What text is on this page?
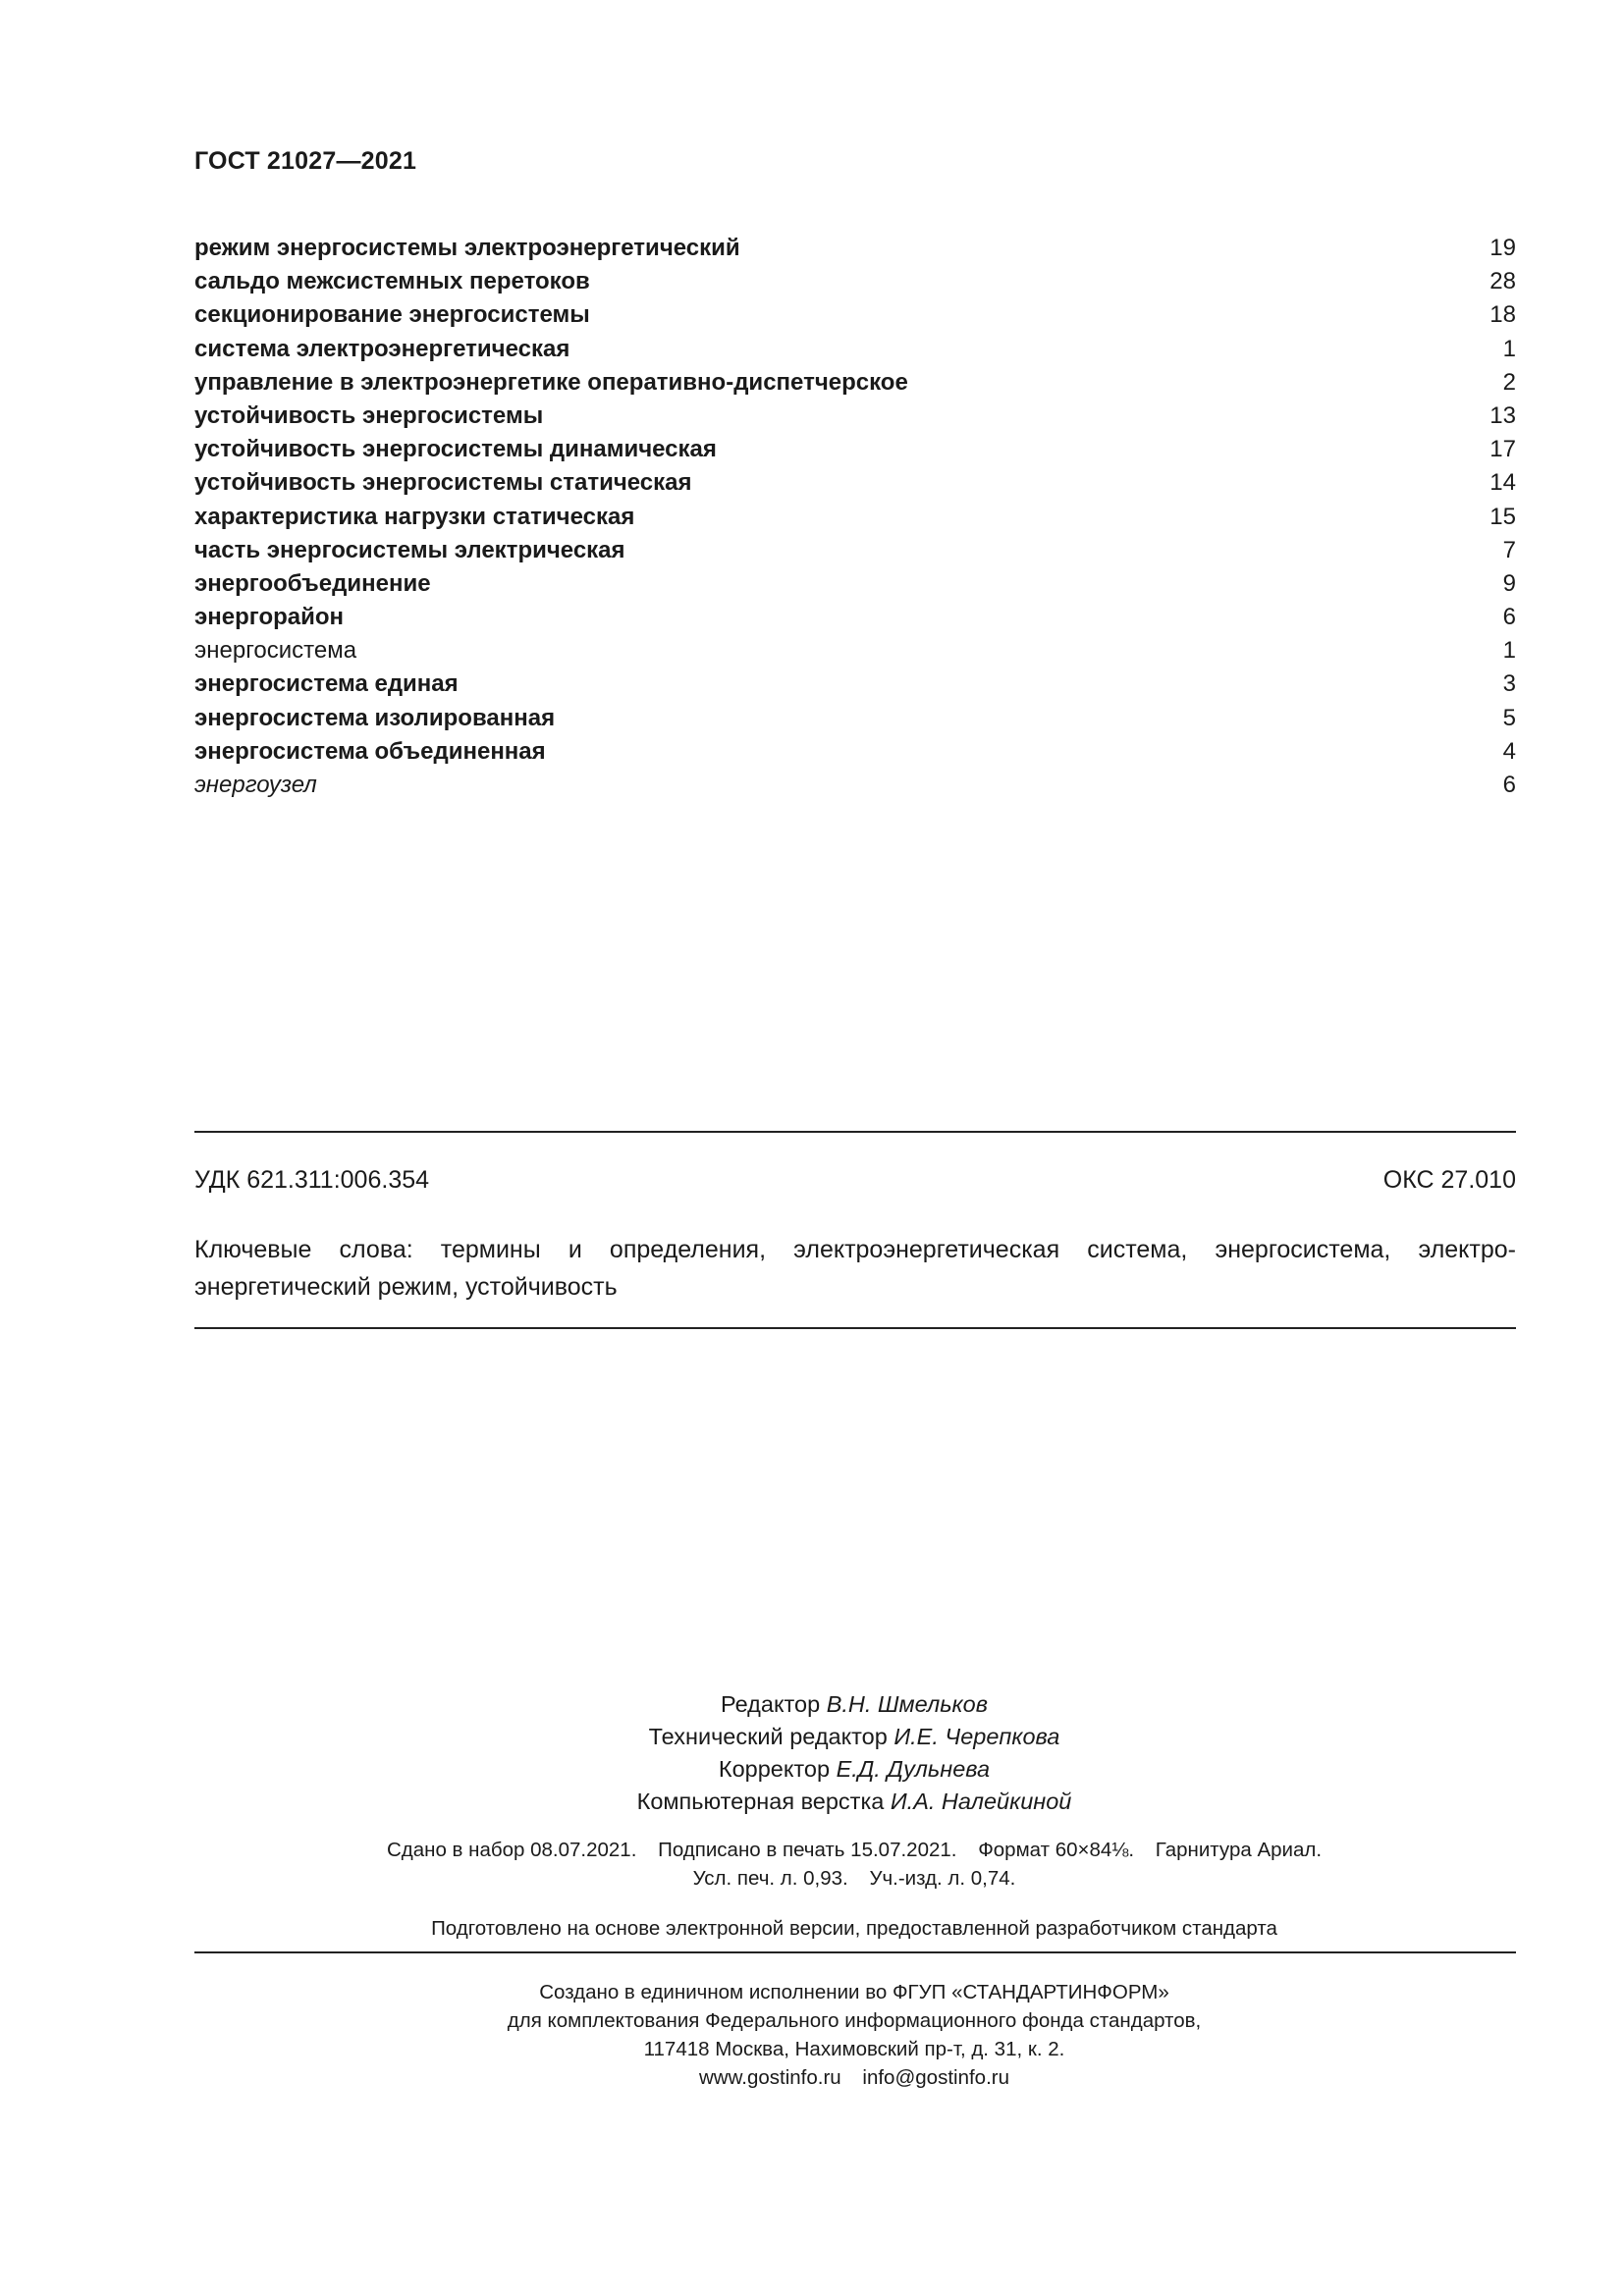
ГОСТ 21027—2021
режим энергосистемы электроэнергетический	19
сальдо межсистемных перетоков	28
секционирование энергосистемы	18
система электроэнергетическая	1
управление в электроэнергетике оперативно-диспетчерское	2
устойчивость энергосистемы	13
устойчивость энергосистемы динамическая	17
устойчивость энергосистемы статическая	14
характеристика нагрузки статическая	15
часть энергосистемы электрическая	7
энергообъединение	9
энергорайон	6
энергосистема	1
энергосистема единая	3
энергосистема изолированная	5
энергосистема объединенная	4
энергоузел	6
УДК 621.311:006.354	ОКС 27.010
Ключевые слова: термины и определения, электроэнергетическая система, энергосистема, электро-энергетический режим, устойчивость
Редактор В.Н. Шмельков
Технический редактор И.Е. Черепкова
Корректор Е.Д. Дульнева
Компьютерная верстка И.А. Налейкиной
Сдано в набор 08.07.2021. Подписано в печать 15.07.2021. Формат 60×84⅛. Гарнитура Ариал.
Усл. печ. л. 0,93. Уч.-изд. л. 0,74.
Подготовлено на основе электронной версии, предоставленной разработчиком стандарта
Создано в единичном исполнении во ФГУП «СТАНДАРТИНФОРМ»
для комплектования Федерального информационного фонда стандартов,
117418 Москва, Нахимовский пр-т, д. 31, к. 2.
www.gostinfo.ru info@gostinfo.ru
